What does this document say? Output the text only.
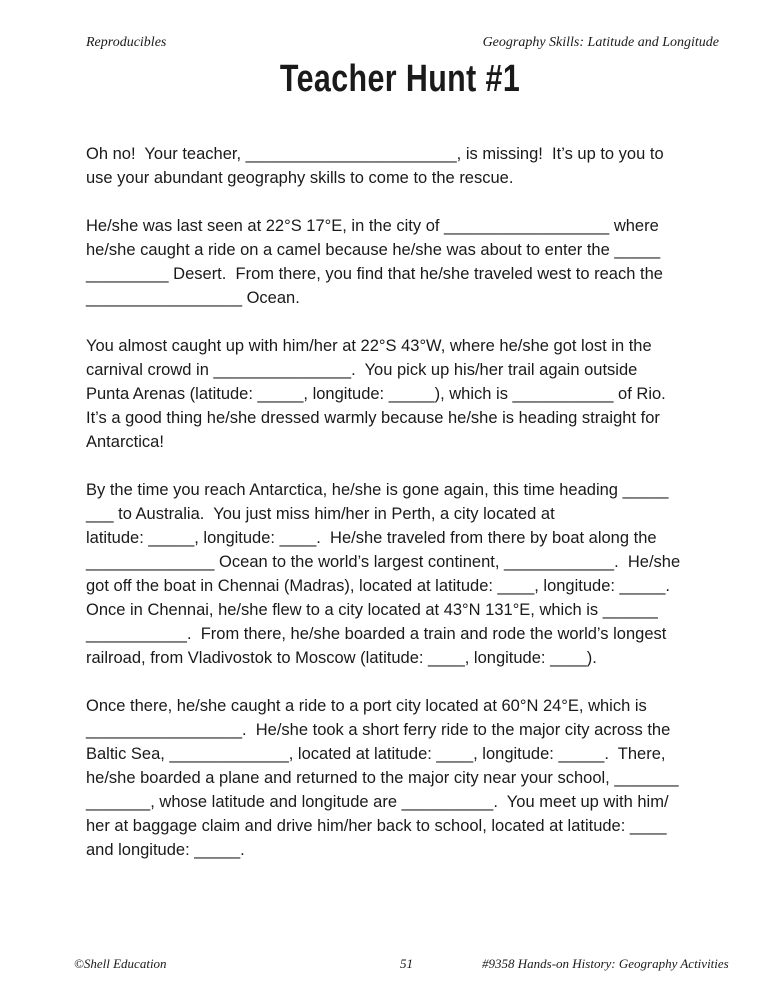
Reproducibles	Geography Skills: Latitude and Longitude
Teacher Hunt #1
Oh no!  Your teacher, _______________________, is missing!  It’s up to you to
use your abundant geography skills to come to the rescue.
He/she was last seen at 22°S 17°E, in the city of __________________ where
he/she caught a ride on a camel because he/she was about to enter the _____
_________ Desert.  From there, you find that he/she traveled west to reach the
_________________ Ocean.
You almost caught up with him/her at 22°S 43°W, where he/she got lost in the
carnival crowd in _______________.  You pick up his/her trail again outside
Punta Arenas (latitude: _____, longitude: _____), which is ___________ of Rio.
It’s a good thing he/she dressed warmly because he/she is heading straight for
Antarctica!
By the time you reach Antarctica, he/she is gone again, this time heading _____
___ to Australia.  You just miss him/her in Perth, a city located at
latitude: _____, longitude: ____.  He/she traveled from there by boat along the
______________ Ocean to the world’s largest continent, ____________.  He/she
got off the boat in Chennai (Madras), located at latitude: ____, longitude: _____.
Once in Chennai, he/she flew to a city located at 43°N 131°E, which is ______
___________.  From there, he/she boarded a train and rode the world’s longest
railroad, from Vladivostok to Moscow (latitude: ____, longitude: ____).
Once there, he/she caught a ride to a port city located at 60°N 24°E, which is
_________________.  He/she took a short ferry ride to the major city across the
Baltic Sea, _____________, located at latitude: ____, longitude: _____.  There,
he/she boarded a plane and returned to the major city near your school, _______
_______, whose latitude and longitude are __________.  You meet up with him/
her at baggage claim and drive him/her back to school, located at latitude: ____
and longitude: _____.
©Shell Education	51	#9358 Hands-on History: Geography Activities
